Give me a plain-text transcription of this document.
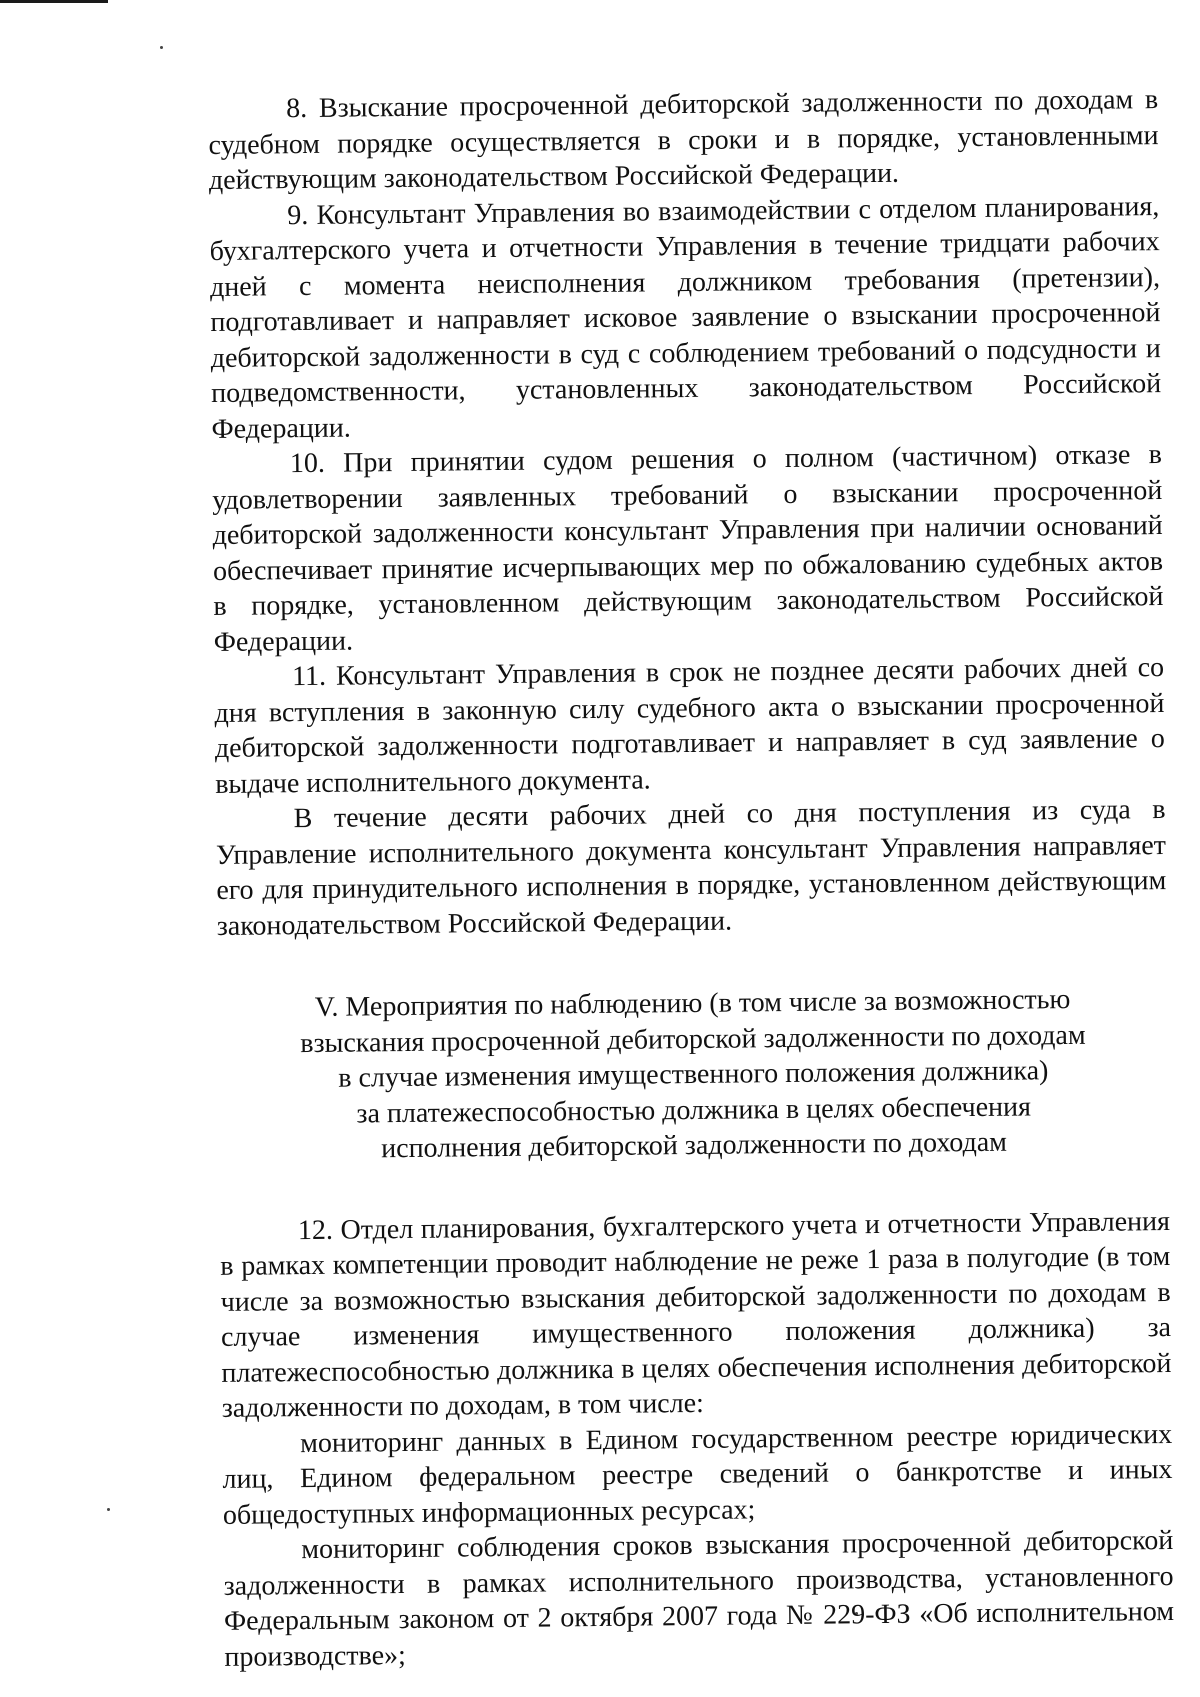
8. Взыскание просроченной дебиторской задолженности по доходам в судебном порядке осуществляется в сроки и в порядке, установленными действующим законодательством Российской Федерации.

9. Консультант Управления во взаимодействии с отделом планирования, бухгалтерского учета и отчетности Управления в течение тридцати рабочих дней с момента неисполнения должником требования (претензии), подготавливает и направляет исковое заявление о взыскании просроченной дебиторской задолженности в суд с соблюдением требований о подсудности и подведомственности, установленных законодательством Российской Федерации.

10. При принятии судом решения о полном (частичном) отказе в удовлетворении заявленных требований о взыскании просроченной дебиторской задолженности консультант Управления при наличии оснований обеспечивает принятие исчерпывающих мер по обжалованию судебных актов в порядке, установленном действующим законодательством Российской Федерации.

11. Консультант Управления в срок не позднее десяти рабочих дней со дня вступления в законную силу судебного акта о взыскании просроченной дебиторской задолженности подготавливает и направляет в суд заявление о выдаче исполнительного документа.

В течение десяти рабочих дней со дня поступления из суда в Управление исполнительного документа консультант Управления направляет его для принудительного исполнения в порядке, установленном действующим законодательством Российской Федерации.

V. Мероприятия по наблюдению (в том числе за возможностью
взыскания просроченной дебиторской задолженности по доходам
в случае изменения имущественного положения должника)
за платежеспособностью должника в целях обеспечения
исполнения дебиторской задолженности по доходам

12. Отдел планирования, бухгалтерского учета и отчетности Управления в рамках компетенции проводит наблюдение не реже 1 раза в полугодие (в том числе за возможностью взыскания дебиторской задолженности по доходам в случае изменения имущественного положения должника) за платежеспособностью должника в целях обеспечения исполнения дебиторской задолженности по доходам, в том числе:

мониторинг данных в Едином государственном реестре юридических лиц, Едином федеральном реестре сведений о банкротстве и иных общедоступных информационных ресурсах;

мониторинг соблюдения сроков взыскания просроченной дебиторской задолженности в рамках исполнительного производства, установленного Федеральным законом от 2 октября 2007 года № 229-ФЗ «Об исполнительном производстве»;
